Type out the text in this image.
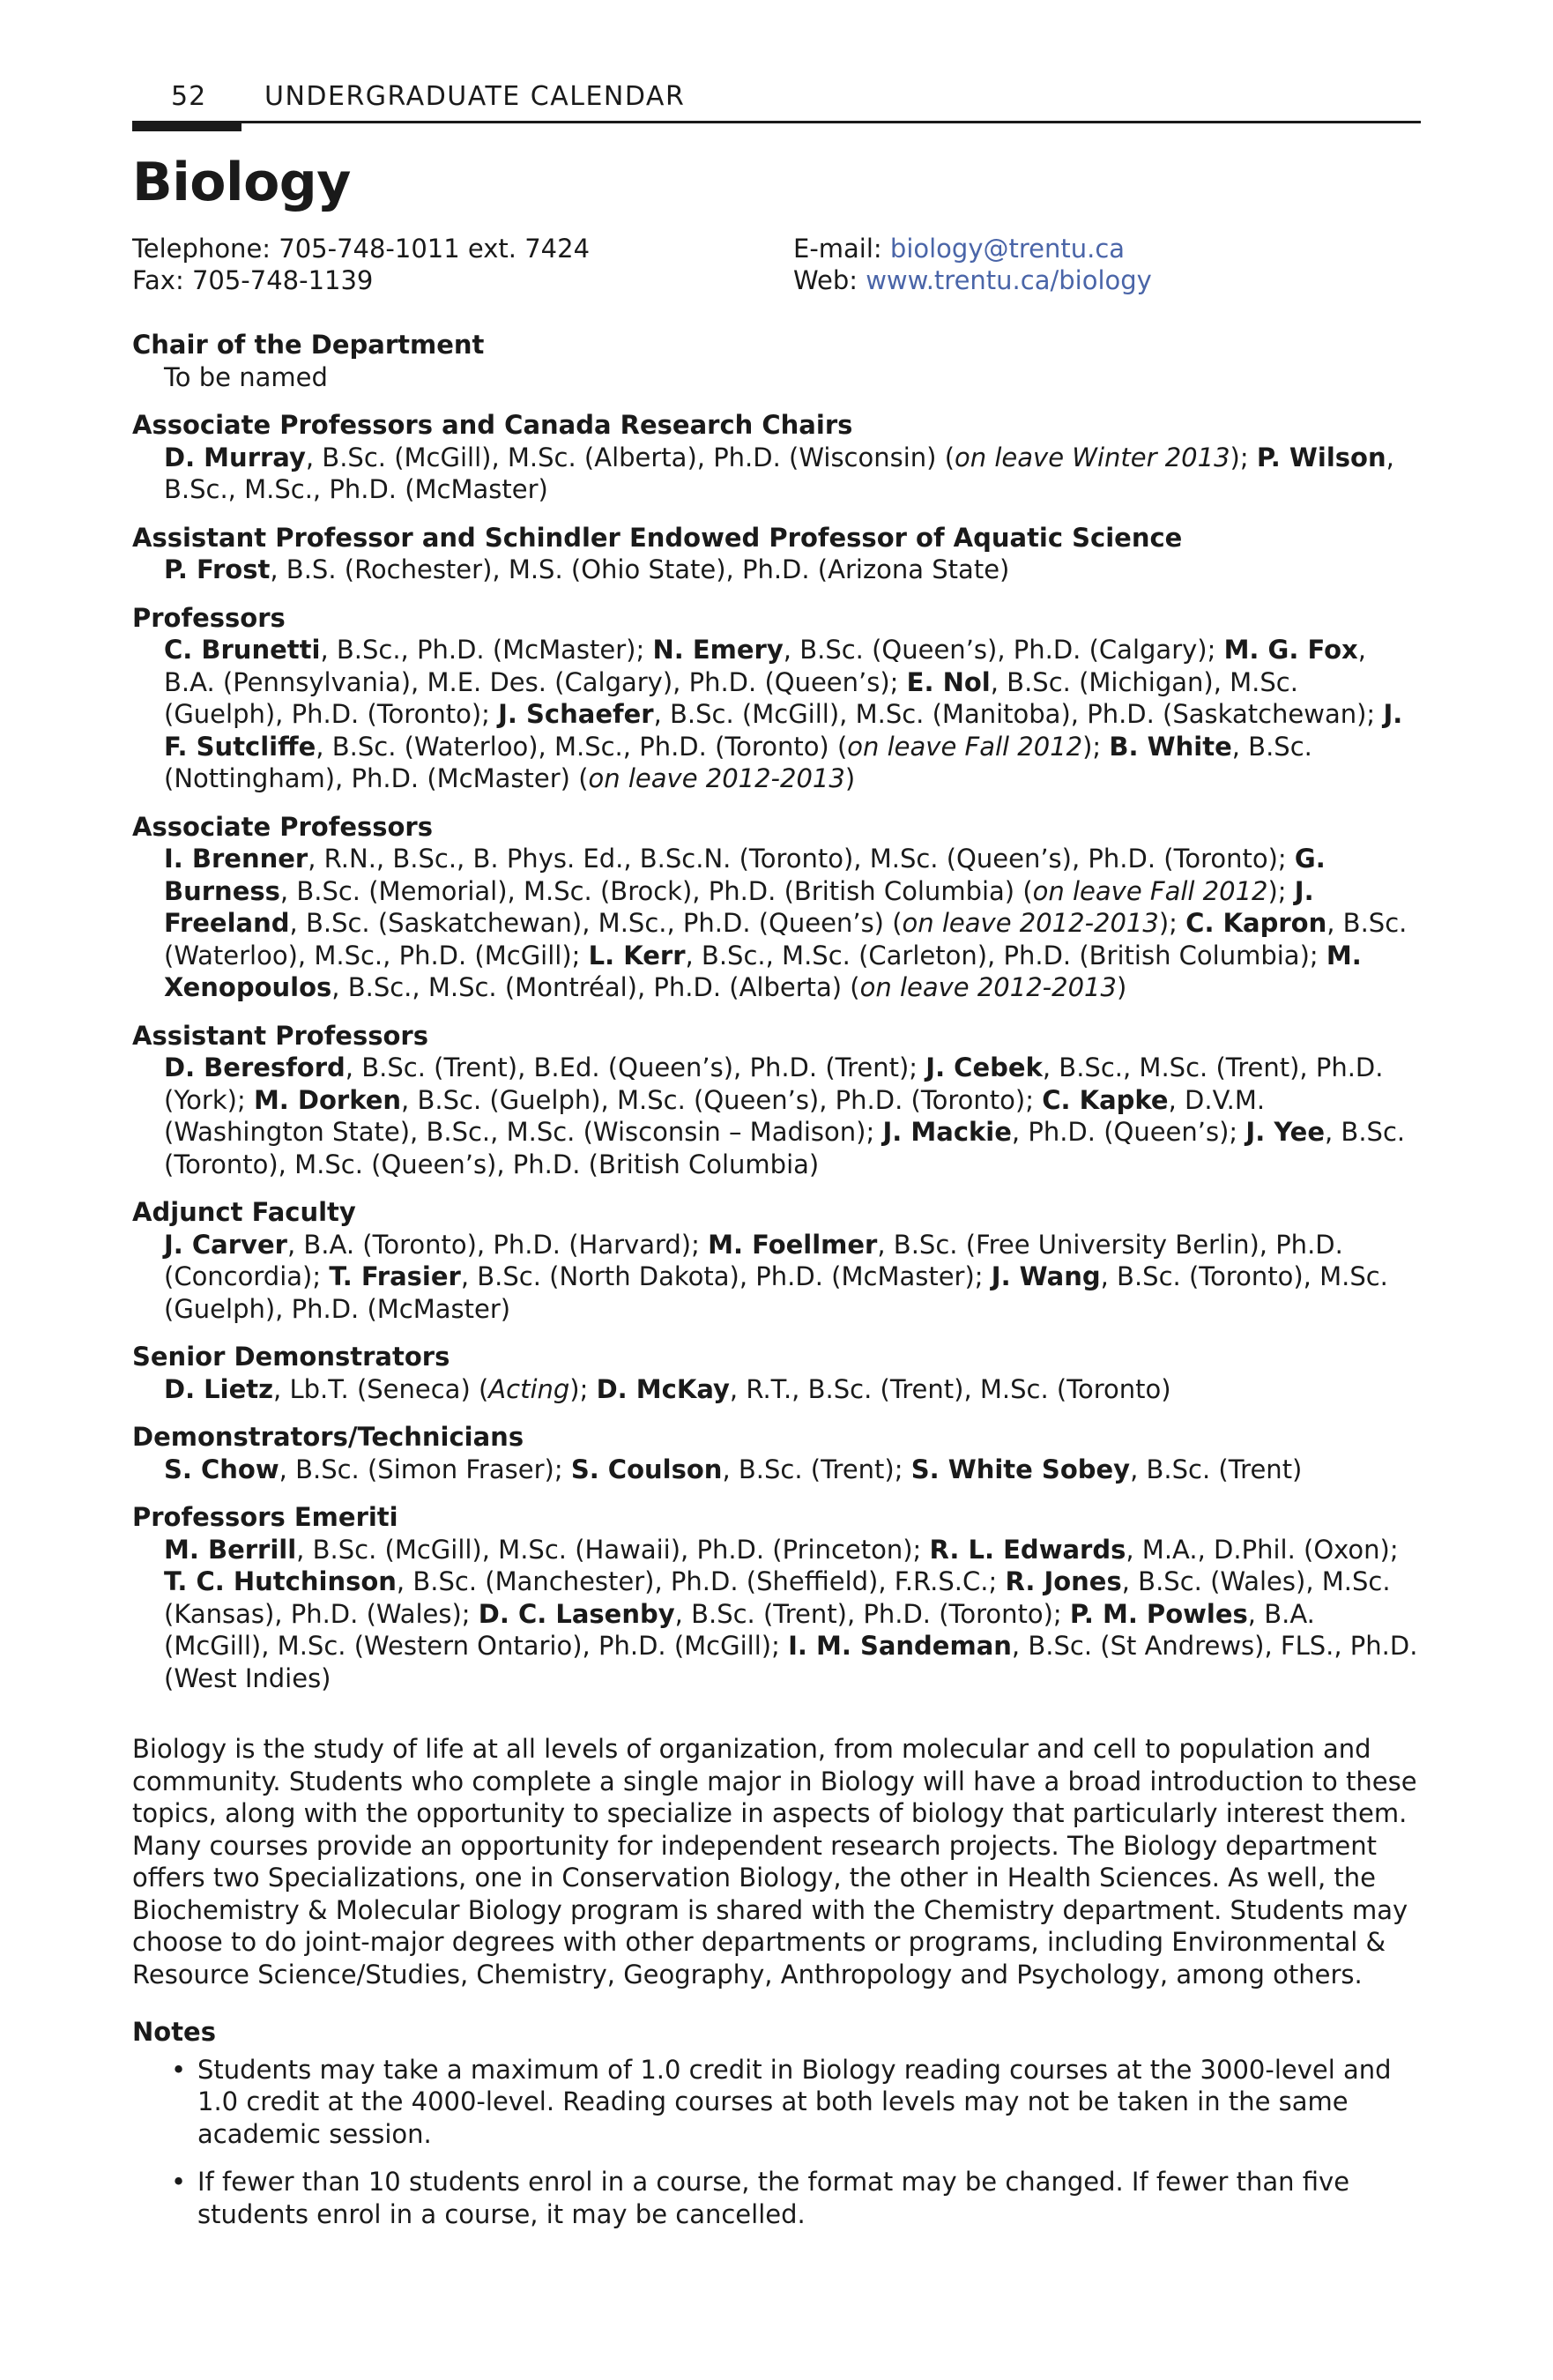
52 UNDERGRADUATE CALENDAR
Biology
Telephone: 705-748-1011 ext. 7424
Fax: 705-748-1139
E-mail: biology@trentu.ca
Web: www.trentu.ca/biology
Chair of the Department
To be named
Associate Professors and Canada Research Chairs
D. Murray, B.Sc. (McGill), M.Sc. (Alberta), Ph.D. (Wisconsin) (on leave Winter 2013); P. Wilson, B.Sc., M.Sc., Ph.D. (McMaster)
Assistant Professor and Schindler Endowed Professor of Aquatic Science
P. Frost, B.S. (Rochester), M.S. (Ohio State), Ph.D. (Arizona State)
Professors
C. Brunetti, B.Sc., Ph.D. (McMaster); N. Emery, B.Sc. (Queen’s), Ph.D. (Calgary); M. G. Fox, B.A. (Pennsylvania), M.E. Des. (Calgary), Ph.D. (Queen’s); E. Nol, B.Sc. (Michigan), M.Sc. (Guelph), Ph.D. (Toronto); J. Schaefer, B.Sc. (McGill), M.Sc. (Manitoba), Ph.D. (Saskatchewan); J. F. Sutcliffe, B.Sc. (Waterloo), M.Sc., Ph.D. (Toronto) (on leave Fall 2012); B. White, B.Sc. (Nottingham), Ph.D. (McMaster) (on leave 2012-2013)
Associate Professors
I. Brenner, R.N., B.Sc., B. Phys. Ed., B.Sc.N. (Toronto), M.Sc. (Queen’s), Ph.D. (Toronto); G. Burness, B.Sc. (Memorial), M.Sc. (Brock), Ph.D. (British Columbia) (on leave Fall 2012); J. Freeland, B.Sc. (Saskatchewan), M.Sc., Ph.D. (Queen’s) (on leave 2012-2013); C. Kapron, B.Sc. (Waterloo), M.Sc., Ph.D. (McGill); L. Kerr, B.Sc., M.Sc. (Carleton), Ph.D. (British Columbia); M. Xenopoulos, B.Sc., M.Sc. (Montréal), Ph.D. (Alberta) (on leave 2012-2013)
Assistant Professors
D. Beresford, B.Sc. (Trent), B.Ed. (Queen’s), Ph.D. (Trent); J. Cebek, B.Sc., M.Sc. (Trent), Ph.D. (York); M. Dorken, B.Sc. (Guelph), M.Sc. (Queen’s), Ph.D. (Toronto); C. Kapke, D.V.M. (Washington State), B.Sc., M.Sc. (Wisconsin – Madison); J. Mackie, Ph.D. (Queen’s); J. Yee, B.Sc. (Toronto), M.Sc. (Queen’s), Ph.D. (British Columbia)
Adjunct Faculty
J. Carver, B.A. (Toronto), Ph.D. (Harvard); M. Foellmer, B.Sc. (Free University Berlin), Ph.D. (Concordia); T. Frasier, B.Sc. (North Dakota), Ph.D. (McMaster); J. Wang, B.Sc. (Toronto), M.Sc. (Guelph), Ph.D. (McMaster)
Senior Demonstrators
D. Lietz, Lb.T. (Seneca) (Acting); D. McKay, R.T., B.Sc. (Trent), M.Sc. (Toronto)
Demonstrators/Technicians
S. Chow, B.Sc. (Simon Fraser); S. Coulson, B.Sc. (Trent); S. White Sobey, B.Sc. (Trent)
Professors Emeriti
M. Berrill, B.Sc. (McGill), M.Sc. (Hawaii), Ph.D. (Princeton); R. L. Edwards, M.A., D.Phil. (Oxon); T. C. Hutchinson, B.Sc. (Manchester), Ph.D. (Sheffield), F.R.S.C.; R. Jones, B.Sc. (Wales), M.Sc. (Kansas), Ph.D. (Wales); D. C. Lasenby, B.Sc. (Trent), Ph.D. (Toronto); P. M. Powles, B.A. (McGill), M.Sc. (Western Ontario), Ph.D. (McGill); I. M. Sandeman, B.Sc. (St Andrews), FLS., Ph.D. (West Indies)

Biology is the study of life at all levels of organization, from molecular and cell to population and community. Students who complete a single major in Biology will have a broad introduction to these topics, along with the opportunity to specialize in aspects of biology that particularly interest them. Many courses provide an opportunity for independent research projects. The Biology department offers two Specializations, one in Conservation Biology, the other in Health Sciences. As well, the Biochemistry & Molecular Biology program is shared with the Chemistry department. Students may choose to do joint-major degrees with other departments or programs, including Environmental & Resource Science/Studies, Chemistry, Geography, Anthropology and Psychology, among others.

Notes
• Students may take a maximum of 1.0 credit in Biology reading courses at the 3000-level and 1.0 credit at the 4000-level. Reading courses at both levels may not be taken in the same academic session.
• If fewer than 10 students enrol in a course, the format may be changed. If fewer than five students enrol in a course, it may be cancelled.
